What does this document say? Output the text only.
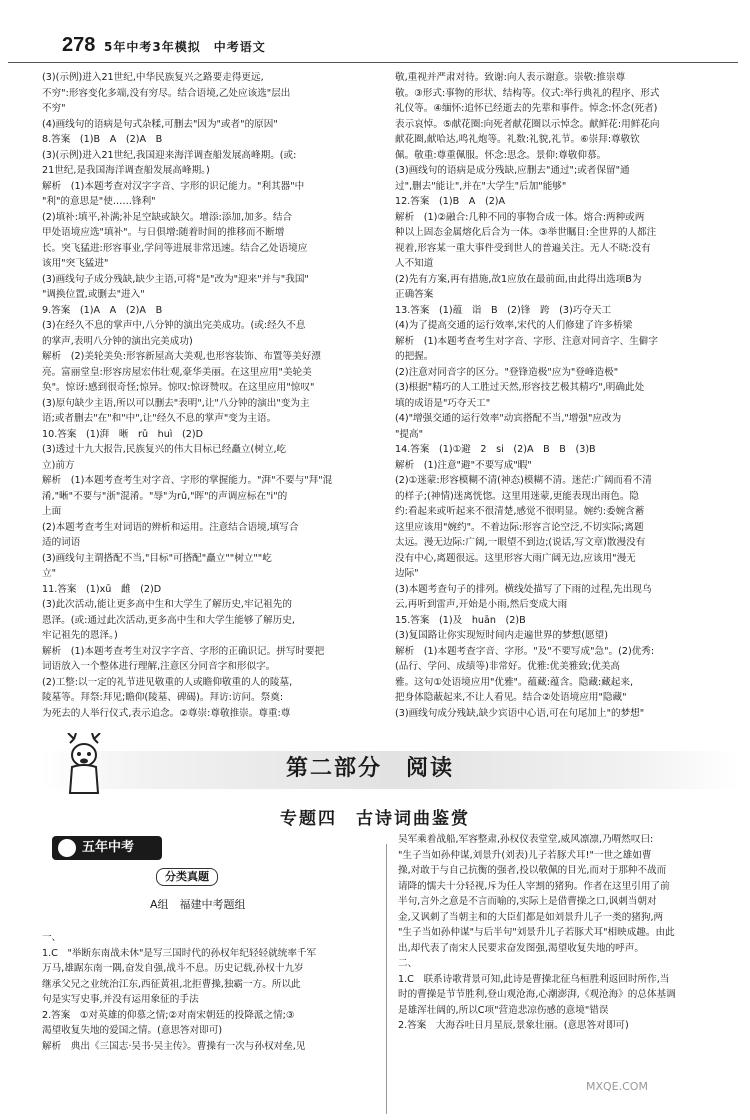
278 5年中考3年模拟　中考语文

(3)(示例)进入21世纪,中华民族复兴之路要走得更远,

不穷":形容变化多端,没有穷尽。结合语境,乙处应该选"层出

不穷"

(4)画线句的语病是句式杂糅,可删去"因为"或者"的原因"

8.答案　(1)B　A　(2)A　B

(3)(示例)进入21世纪,我国迎来海洋调查船发展高峰期。(或:

21世纪,是我国海洋调查船发展高峰期。)

解析　(1)本题考查对汉字字音、字形的识记能力。"利其器"中

"利"的意思是"使……锋利"

(2)填补:填平,补满;补足空缺或缺欠。增添:添加,加多。结合

甲处语境应选"填补"。与日俱增:随着时间的推移而不断增

长。突飞猛进:形容事业,学问等进展非常迅速。结合乙处语境应

该用"突飞猛进"

(3)画线句子成分残缺,缺少主语,可将"是"改为"迎来"并与"我国"

"调换位置,或删去"进入"

9.答案　(1)A　A　(2)A　B

(3)在经久不息的掌声中,八分钟的演出完美成功。(或:经久不息

的掌声,表明八分钟的演出完美成功)

解析　(2)美轮美奂:形容新屋高大美观,也形容装饰、布置等美好漂

亮。富丽堂皇:形容房屋宏伟壮观,豪华美丽。在这里应用"美轮美

奂"。惊讶:感到很奇怪;惊异。惊叹:惊讶赞叹。在这里应用"惊叹"

(3)原句缺少主语,所以可以删去"表明",让"八分钟的演出"变为主

语;或者删去"在"和"中",让"经久不息的掌声"变为主语。

10.答案　(1)湃　晰　rǔ　huì　(2)D

(3)透过十九大报告,民族复兴的伟大目标已经矗立(树立,屹

立)前方

解析　(1)本题考查考生对字音、字形的掌握能力。"湃"不要与"拜"混

淆,"晰"不要与"浙"混淆。"辱"为rǔ,"晖"的声调应标在"i"的

上面

(2)本题考查考生对词语的辨析和运用。注意结合语境,填写合

适的词语

(3)画线句主谓搭配不当,"目标"可搭配"矗立""树立""屹

立"

11.答案　(1)xū　雌　(2)D

(3)此次活动,能让更多高中生和大学生了解历史,牢记祖先的

恩泽。(或:通过此次活动,更多高中生和大学生能够了解历史,

牢记祖先的恩泽。)

解析　(1)本题考查考生对汉字字音、字形的正确识记。拼写时要把

词语放入一个整体进行理解,注意区分同音字和形似字。

(2)工整:以一定的礼节进见敬重的人或瞻仰敬重的人的陵墓,

陵墓等。拜祭:拜见;瞻仰(陵墓、碑碣)。拜访:访问。祭奠:

为死去的人举行仪式,表示追念。②尊崇:尊敬推崇。尊重:尊

敬,重视并严肃对待。致谢:向人表示谢意。崇敬:推崇尊

敬。③形式:事物的形状、结构等。仪式:举行典礼的程序、形式

礼仪等。④缅怀:追怀已经逝去的先辈和事件。悼念:怀念(死者)

表示哀悼。⑤献花圈:向死者献花圈以示悼念。献鲜花:用鲜花向

献花圈,献哈达,鸣礼炮等。礼数:礼貌,礼节。⑥崇拜:尊敬钦

佩。敬重:尊重佩服。怀念:思念。景仰:尊敬仰慕。

(3)画线句的语病是成分残缺,应删去"通过";或者保留"通

过",删去"能让",并在"大学生"后加"能够"

12.答案　(1)B　A　(2)A

解析　(1)②融合:几种不同的事物合成一体。熔合:两种或两

种以上固态金属熔化后合为一体。③举世瞩目:全世界的人都注

视着,形容某一重大事件受到世人的普遍关注。无人不晓:没有

人不知道

(2)先有方案,再有措施,故1应放在最前面,由此得出选项B为

正确答案

13.答案　(1)蕴　诣　B　(2)锋　跨　(3)巧夺天工

(4)为了提高交通的运行效率,宋代的人们修建了许多桥梁

解析　(1)本题考查考生对字音、字形、注意对同音字、生僻字

的把握。

(2)注意对同音字的区分。"登锋造极"应为"登峰造极"

(3)根据"精巧的人工胜过天然,形容技艺极其精巧",明确此处

填的成语是"巧夺天工"

(4)"增强交通的运行效率"动宾搭配不当,"增强"应改为

"提高"

14.答案　(1)①避　2　si　(2)A　B　B　(3)B

解析　(1)注意"避"不要写成"暇"

(2)①迷蒙:形容模糊不清(神态)模糊不清。迷茫:广阔而看不清

的样子;(神情)迷离恍惚。这里用迷蒙,更能表现出雨色。隐

约:看起来或听起来不很清楚,感觉不很明显。婉约:委婉含蓄

这里应该用"婉约"。不着边际:形容言论空泛,不切实际;离题

太远。漫无边际:广阔,一眼望不到边;(说话,写文章)散漫没有

没有中心,离题很远。这里形容大雨广阔无边,应该用"漫无

边际"

(3)本题考查句子的排列。横线处描写了下雨的过程,先出现乌

云,再听到雷声,开始是小雨,然后变成大雨

15.答案　(1)及　huān　(2)B

(3)复国路让你实现短时间内走遍世界的梦想(愿望)

解析　(1)本题考查字音、字形。"及"不要写成"急"。(2)优秀:

(品行、学问、成绩等)非常好。优雅:优美雅致;优美高

雅。这句①处语境应用"优雅"。蕴藏:蕴含。隐藏:藏起来,

把身体隐蔽起来,不让人看见。结合②处语境应用"隐藏"

(3)画线句成分残缺,缺少宾语中心语,可在句尾加上"的梦想"

第二部分　阅读
专题四　古诗词曲鉴赏
五年中考
分类真题
A组　福建中考题组

一、

1.C　"举断东南战未休"是写三国时代的孙权年纪轻轻就统率千军

万马,雄踞东南一隅,奋发自强,战斗不息。历史记载,孙权十九岁

继承父兄之业统治江东,西征黄祖,北拒曹操,独霸一方。所以此

句是实写史事,并没有运用象征的手法

2.答案　①对英雄的仰慕之情;②对南宋朝廷的投降派之情;③

渴望收复失地的爱国之情。(意思答对即可)

解析　典出《三国志·吴书·吴主传》。曹操有一次与孙权对垒,见

吴军乘着战船,军容整肃,孙权仪表堂堂,威风凛凛,乃喟然叹曰:

"生子当如孙仲谋,刘景升(刘表)儿子若豚犬耳!"一世之雄如曹

操,对敢于与自己抗衡的强者,投以敬佩的目光,而对于那种不战而

请降的懦夫十分轻视,斥为任人宰割的猪狗。作者在这里引用了前

半句,言外之意是不言而喻的,实际上是借曹操之口,讽刺当朝对

金,又讽刺了当朝主和的大臣们都是如刘景升儿子一类的猪狗,两

"生子当如孙仲谋"与后半句"刘景升儿子若豚犬耳"相映成趣。由此

出,却代表了南宋人民要求奋发图强,渴望收复失地的呼声。

二、

1.C　联系诗歌背景可知,此诗是曹操北征乌桓胜利返回时所作,当

时的曹操是节节胜利,登山观沧海,心潮澎湃,《观沧海》的总体基调

是雄浑壮阔的,所以C项"营造悲凉伤感的意境"错误

2.答案　大海吞吐日月星辰,景象壮丽。(意思答对即可)

MXQE.COM
